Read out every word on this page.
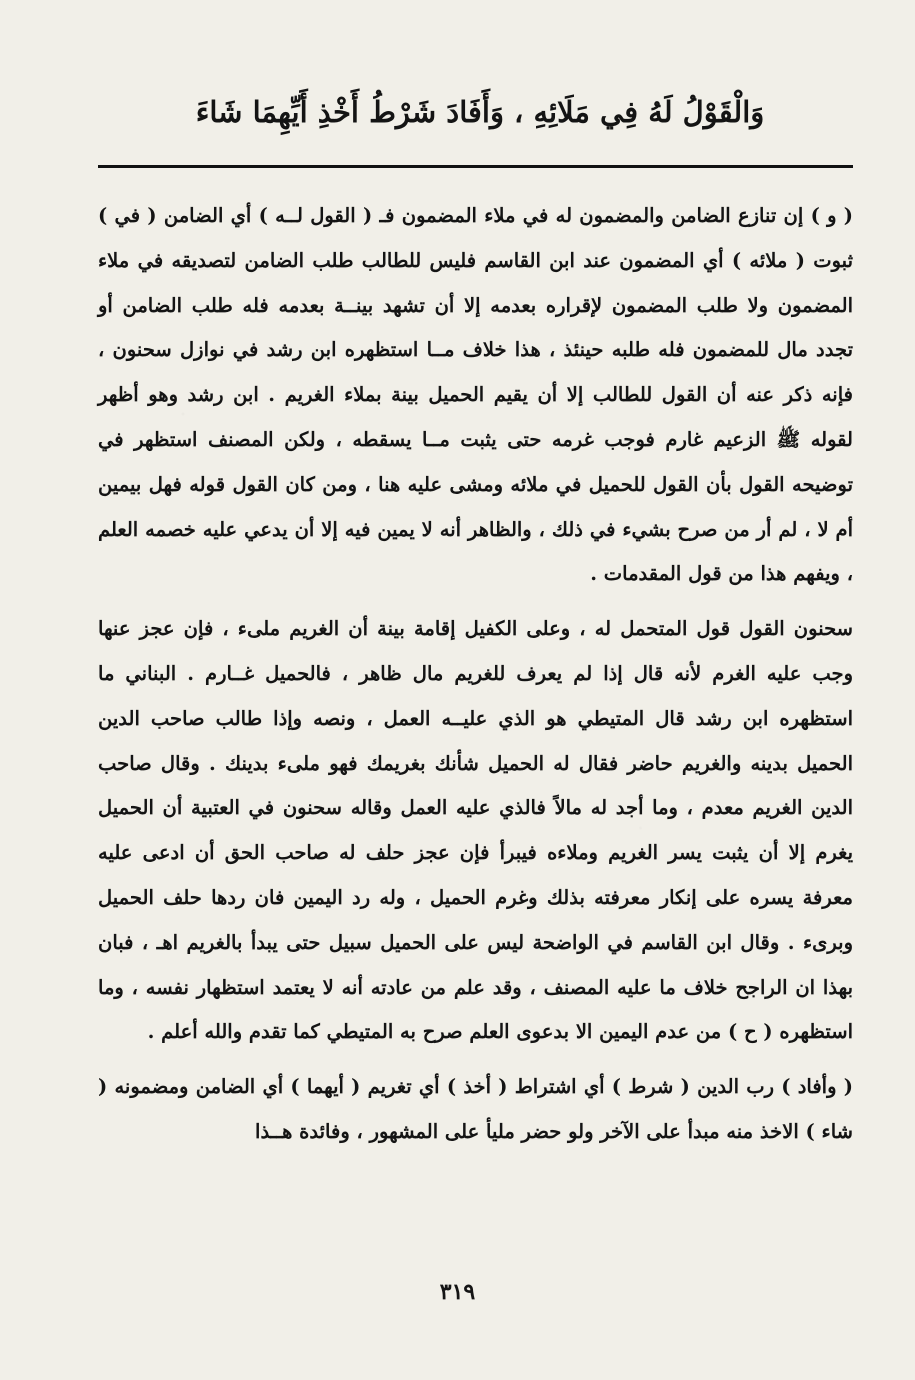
وَالْقَوْلُ لَهُ فِي مَلَائِهِ ، وَأَفَادَ شَرْطُ أَخْذِ أَيِّهِمَا شَاءَ

( و ) إن تنازع الضامن والمضمون له في ملاء المضمون فـ ( القول لــه ) أي الضامن ( في ) ثبوت ( ملائه ) أي المضمون عند ابن القاسم فليس للطالب طلب الضامن لتصديقه في ملاء المضمون ولا طلب المضمون لإقراره بعدمه إلا أن تشهد بينــة بعدمه فله طلب الضامن أو تجدد مال للمضمون فله طلبه حينئذ ، هذا خلاف مــا استظهره ابن رشد في نوازل سحنون ، فإنه ذكر عنه أن القول للطالب إلا أن يقيم الحميل بينة بملاء الغريم . ابن رشد وهو أظهر لقوله ﷺ الزعيم غارم فوجب غرمه حتى يثبت مــا يسقطه ، ولكن المصنف استظهر في توضيحه القول بأن القول للحميل في ملائه ومشى عليه هنا ، ومن كان القول قوله فهل بيمين أم لا ، لم أر من صرح بشيء في ذلك ، والظاهر أنه لا يمين فيه إلا أن يدعي عليه خصمه العلم ، ويفهم هذا من قول المقدمات .

سحنون القول قول المتحمل له ، وعلى الكفيل إقامة بينة أن الغريم ملىء ، فإن عجز عنها وجب عليه الغرم لأنه قال إذا لم يعرف للغريم مال ظاهر ، فالحميل غــارم . البناني ما استظهره ابن رشد قال المتيطي هو الذي عليــه العمل ، ونصه وإذا طالب صاحب الدين الحميل بدينه والغريم حاضر فقال له الحميل شأنك بغريمك فهو ملىء بدينك . وقال صاحب الدين الغريم معدم ، وما أجد له مالاً فالذي عليه العمل وقاله سحنون في العتبية أن الحميل يغرم إلا أن يثبت يسر الغريم وملاءه فيبرأ فإن عجز حلف له صاحب الحق أن ادعى عليه معرفة يسره على إنكار معرفته بذلك وغرم الحميل ، وله رد اليمين فان ردها حلف الحميل وبرىء . وقال ابن القاسم في الواضحة ليس على الحميل سبيل حتى يبدأ بالغريم اهـ ، فبان بهذا ان الراجح خلاف ما عليه المصنف ، وقد علم من عادته أنه لا يعتمد استظهار نفسه ، وما استظهره ( ح ) من عدم اليمين الا بدعوى العلم صرح به المتيطي كما تقدم والله أعلم .

( وأفاد ) رب الدين ( شرط ) أي اشتراط ( أخذ ) أي تغريم ( أيهما ) أي الضامن ومضمونه ( شاء ) الاخذ منه مبدأ على الآخر ولو حضر مليأ على المشهور ، وفائدة هــذا

٣١٩
